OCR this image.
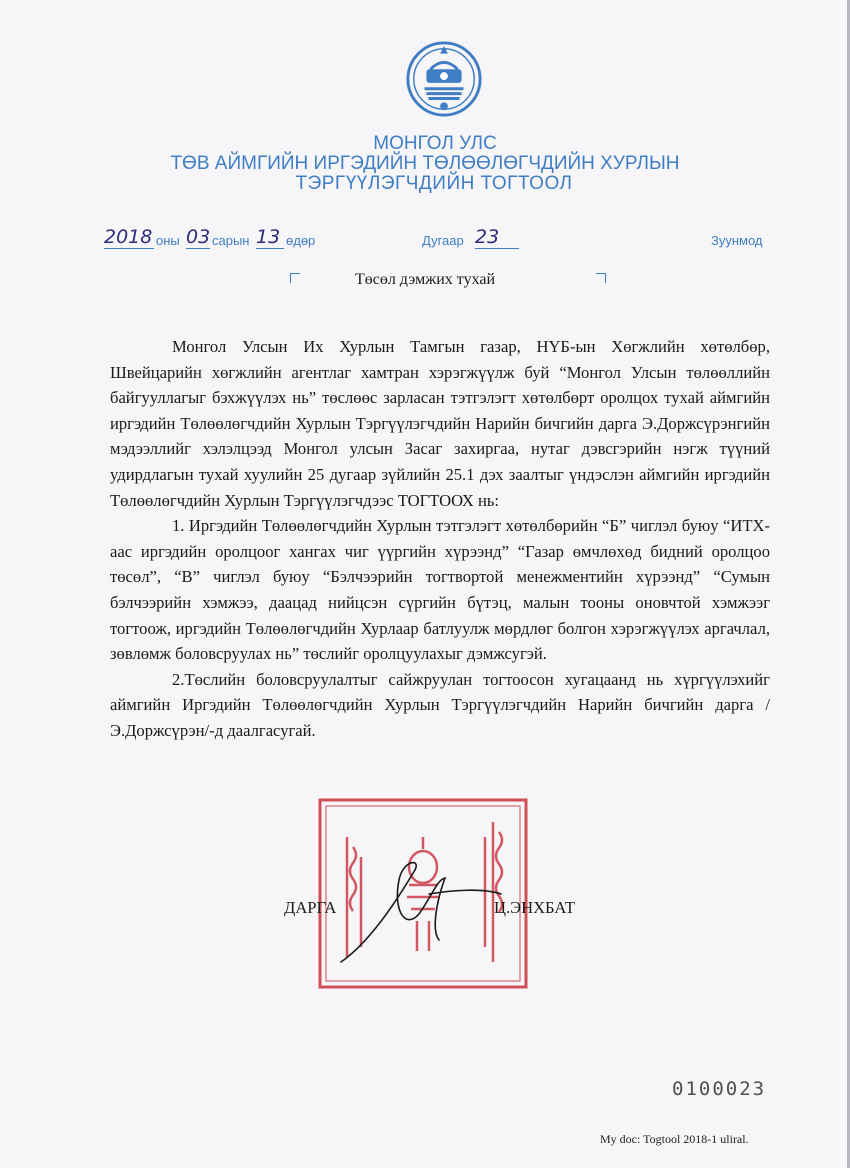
МОНГОЛ УЛС
ТӨВ АЙМГИЙН ИРГЭДИЙН ТӨЛӨӨЛӨГЧДИЙН ХУРЛЫН
ТЭРГҮҮЛЭГЧДИЙН ТОГТООЛ
2018 оны 03 сарын 13 өдөр	Дугаар 23	Зуунмод
Төсөл дэмжих тухай

Монгол Улсын Их Хурлын Тамгын газар, НҮБ-ын Хөгжлийн хөтөлбөр, Швейцарийн хөгжлийн агентлаг хамтран хэрэгжүүлж буй “Монгол Улсын төлөөллийн байгууллагыг бэхжүүлэх нь” төслөөс зарласан тэтгэлэгт хөтөлбөрт оролцох тухай аймгийн иргэдийн Төлөөлөгчдийн Хурлын Тэргүүлэгчдийн Нарийн бичгийн дарга Э.Доржсүрэнгийн мэдээллийг хэлэлцээд Монгол улсын Засаг захиргаа, нутаг дэвсгэрийн нэгж түүний удирдлагын тухай хуулийн 25 дугаар зүйлийн 25.1 дэх заалтыг үндэслэн аймгийн иргэдийн Төлөөлөгчдийн Хурлын Тэргүүлэгчдээс ТОГТООХ нь:

1. Иргэдийн Төлөөлөгчдийн Хурлын тэтгэлэгт хөтөлбөрийн “Б” чиглэл буюу “ИТХ-аас иргэдийн оролцоог хангах чиг үүргийн хүрээнд” “Газар өмчлөхөд бидний оролцоо төсөл”, “В” чиглэл буюу “Бэлчээрийн тогтвортой менежментийн хүрээнд” “Сумын бэлчээрийн хэмжээ, даацад нийцсэн сүргийн бүтэц, малын тооны оновчтой хэмжээг тогтоож, иргэдийн Төлөөлөгчдийн Хурлаар батлуулж мөрдлөг болгон хэрэгжүүлэх аргачлал, зөвлөмж боловсруулах нь” төслийг оролцуулахыг дэмжсугэй.

2.Төслийн боловсруулалтыг сайжруулан тогтоосон хугацаанд нь хүргүүлэхийг аймгийн Иргэдийн Төлөөлөгчдийн Хурлын Тэргүүлэгчдийн Нарийн бичгийн дарга /Э.Доржсүрэн/-д даалгасугай.

ДАРГА	Ц.ЭНХБАТ
0100023
My doc: Togtool 2018-1 uliral.
